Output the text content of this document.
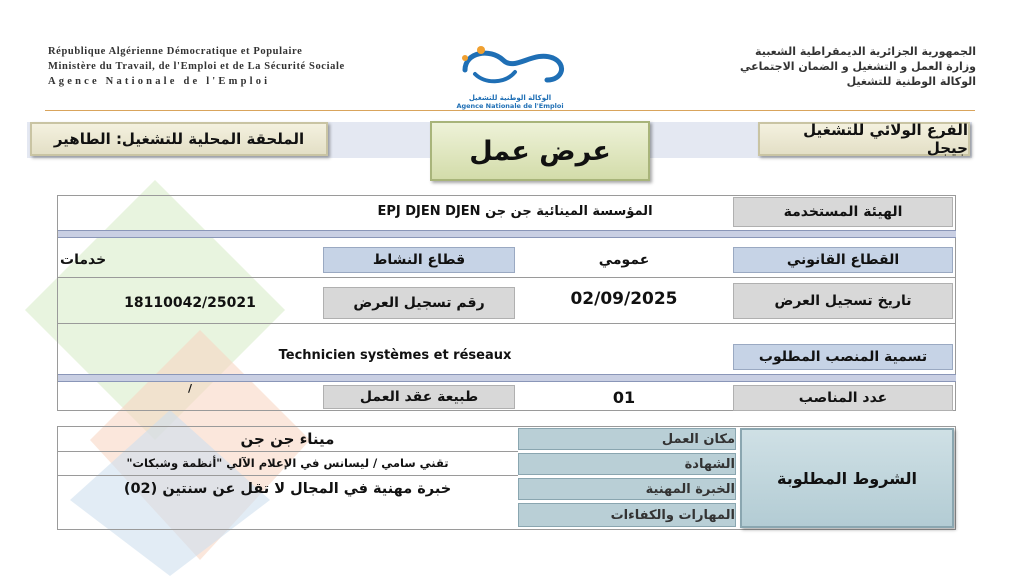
République Algérienne Démocratique et Populaire
Ministère du Travail, de l'Emploi et de La Sécurité Sociale
Agence Nationale de l'Emploi
الوكالة الوطنية للتشغيل
Agence Nationale de l'Emploi
الجمهورية الجزائرية الديمقراطية الشعبية
وزارة العمل و التشغيل و الضمان الاجتماعي
الوكالة الوطنية للتشغيل
الملحقة المحلية للتشغيل: الطاهير	عرض عمل
الفرع الولائي للتشغيل جيجل
الهيئة المستخدمة
المؤسسة المينائية جن جن EPJ DJEN DJEN
القطاع القانوني
عمومي
قطاع النشاط
خدمات
تاريخ تسجيل العرض
02/09/2025
رقم تسجيل العرض
18110042/25021
تسمية المنصب المطلوب
Technicien systèmes et réseaux
عدد المناصب
01
طبيعة عقد العمل
/
الشروط المطلوبة
مكان العمل
الشهادة
الخبرة المهنية
المهارات والكفاءات
ميناء جن جن
تقني سامي / ليسانس في الإعلام الآلي "أنظمة وشبكات"
خبرة مهنية في المجال لا تقل عن سنتين (02)
